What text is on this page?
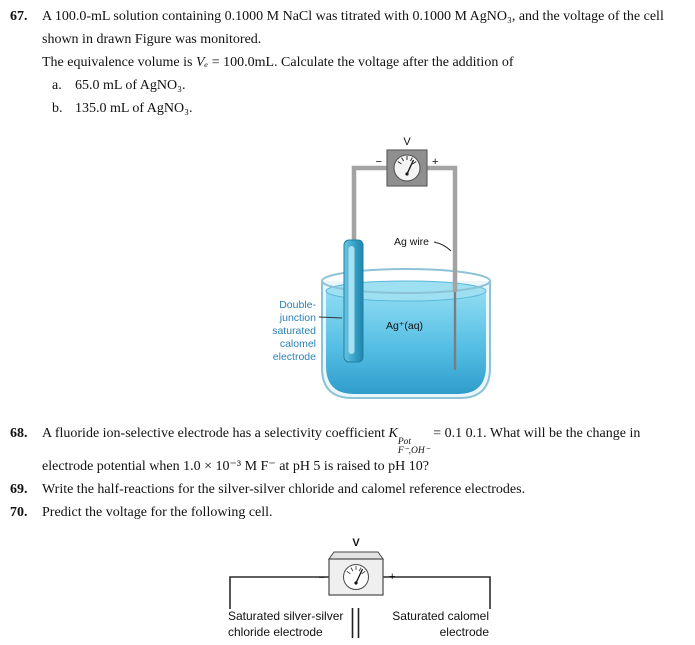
67.	A 100.0-mL solution containing 0.1000 M NaCl was titrated with 0.1000 M AgNO₃, and the voltage of the cell shown in drawn Figure was monitored.

The equivalence volume is Vₑ = 100.0mL. Calculate the voltage after the addition of

a. 65.0 mL of AgNO₃.
b. 135.0 mL of AgNO₃.
V
−	+
Ag wire
Ag⁺(aq)
Double-
junction
saturated
calomel
electrode
68.	A fluoride ion-selective electrode has a selectivity coefficient K
Pot
F⁻,OH⁻
= 0.1 0.1. What will be the change in electrode potential when 1.0 × 10⁻³ M F⁻ at pH 5 is raised to pH 10?

69.	Write the half-reactions for the silver-silver chloride and calomel reference electrodes.

70.	Predict the voltage for the following cell.

V
−	+
Saturated silver-silver
chloride electrode
Saturated calomel
electrode
